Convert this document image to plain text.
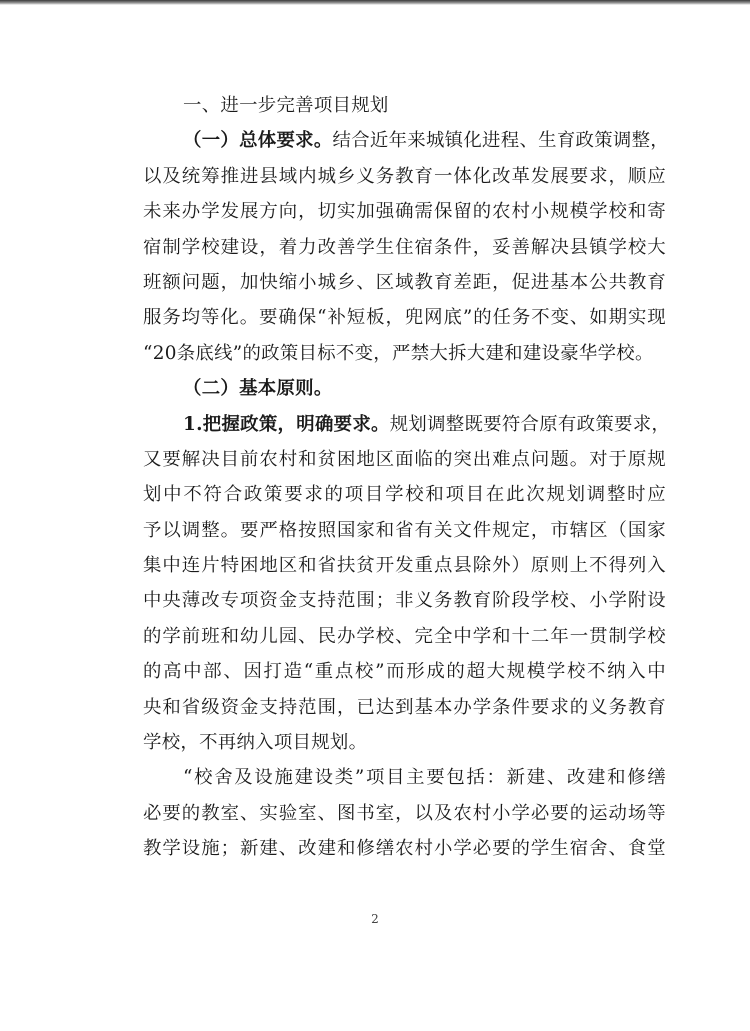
一、进一步完善项目规划
（一）总体要求。结合近年来城镇化进程、生育政策调整，
以及统筹推进县域内城乡义务教育一体化改革发展要求，顺应
未来办学发展方向，切实加强确需保留的农村小规模学校和寄
宿制学校建设，着力改善学生住宿条件，妥善解决县镇学校大
班额问题，加快缩小城乡、区域教育差距，促进基本公共教育
服务均等化。要确保“补短板，兜网底”的任务不变、如期实现
“20条底线”的政策目标不变，严禁大拆大建和建设豪华学校。
（二）基本原则。
1.把握政策，明确要求。规划调整既要符合原有政策要求，
又要解决目前农村和贫困地区面临的突出难点问题。对于原规
划中不符合政策要求的项目学校和项目在此次规划调整时应
予以调整。要严格按照国家和省有关文件规定，市辖区（国家
集中连片特困地区和省扶贫开发重点县除外）原则上不得列入
中央薄改专项资金支持范围；非义务教育阶段学校、小学附设
的学前班和幼儿园、民办学校、完全中学和十二年一贯制学校
的高中部、因打造“重点校”而形成的超大规模学校不纳入中
央和省级资金支持范围，已达到基本办学条件要求的义务教育
学校，不再纳入项目规划。
“校舍及设施建设类”项目主要包括：新建、改建和修缮
必要的教室、实验室、图书室，以及农村小学必要的运动场等
教学设施；新建、改建和修缮农村小学必要的学生宿舍、食堂
2
